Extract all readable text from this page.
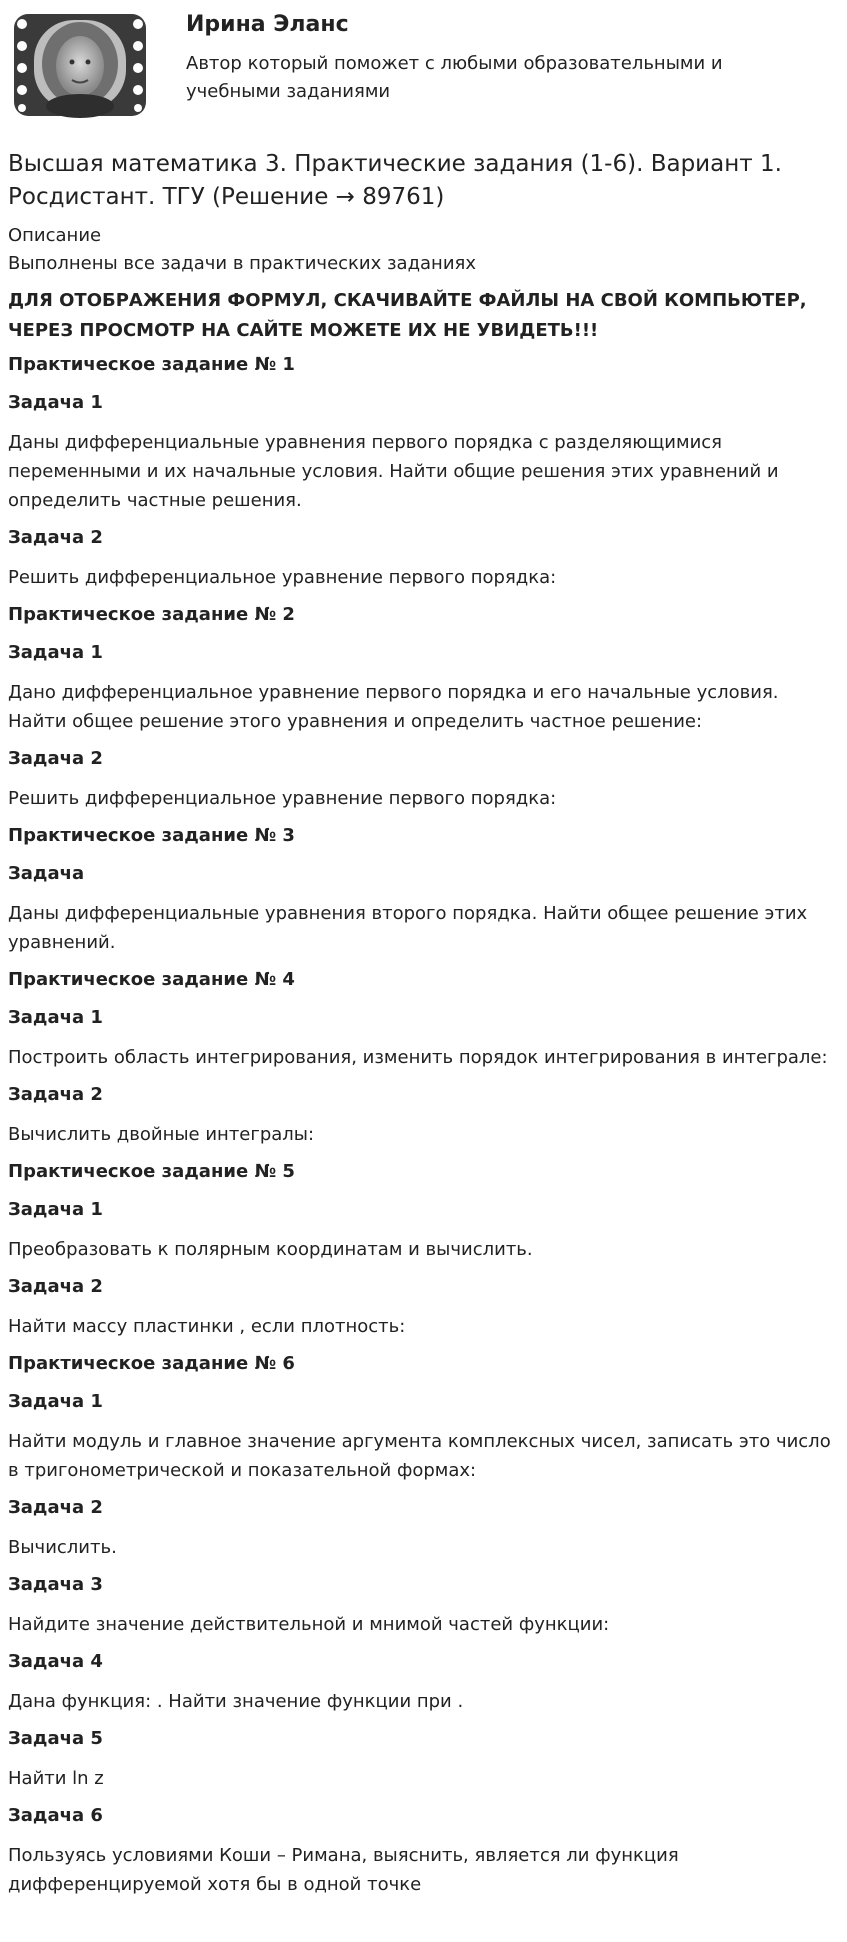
Ирина Эланс
Автор который поможет с любыми образовательными и учебными заданиями
Высшая математика 3. Практические задания (1-6). Вариант 1. Росдистант. ТГУ (Решение → 89761)
Описание
Выполнены все задачи в практических заданиях
ДЛЯ ОТОБРАЖЕНИЯ ФОРМУЛ, СКАЧИВАЙТЕ ФАЙЛЫ НА СВОЙ КОМПЬЮТЕР, ЧЕРЕЗ ПРОСМОТР НА САЙТЕ МОЖЕТЕ ИХ НЕ УВИДЕТЬ!!!
Практическое задание № 1
Задача 1
Даны дифференциальные уравнения первого порядка с разделяющимися переменными и их начальные условия. Найти общие решения этих уравнений и определить частные решения.
Задача 2
Решить дифференциальное уравнение первого порядка:
Практическое задание № 2
Задача 1
Дано дифференциальное уравнение первого порядка и его начальные условия. Найти общее решение этого уравнения и определить частное решение:
Задача 2
Решить дифференциальное уравнение первого порядка:
Практическое задание № 3
Задача
Даны дифференциальные уравнения второго порядка. Найти общее решение этих уравнений.
Практическое задание № 4
Задача 1
Построить область интегрирования, изменить порядок интегрирования в интеграле:
Задача 2
Вычислить двойные интегралы:
Практическое задание № 5
Задача 1
Преобразовать к полярным координатам и вычислить.
Задача 2
Найти массу пластинки , если плотность:
Практическое задание № 6
Задача 1
Найти модуль и главное значение аргумента комплексных чисел, записать это число в тригонометрической и показательной формах:
Задача 2
Вычислить.
Задача 3
Найдите значение действительной и мнимой частей функции:
Задача 4
Дана функция: . Найти значение функции при .
Задача 5
Найти ln z
Задача 6
Пользуясь условиями Коши – Римана, выяснить, является ли функция дифференцируемой хотя бы в одной точке
